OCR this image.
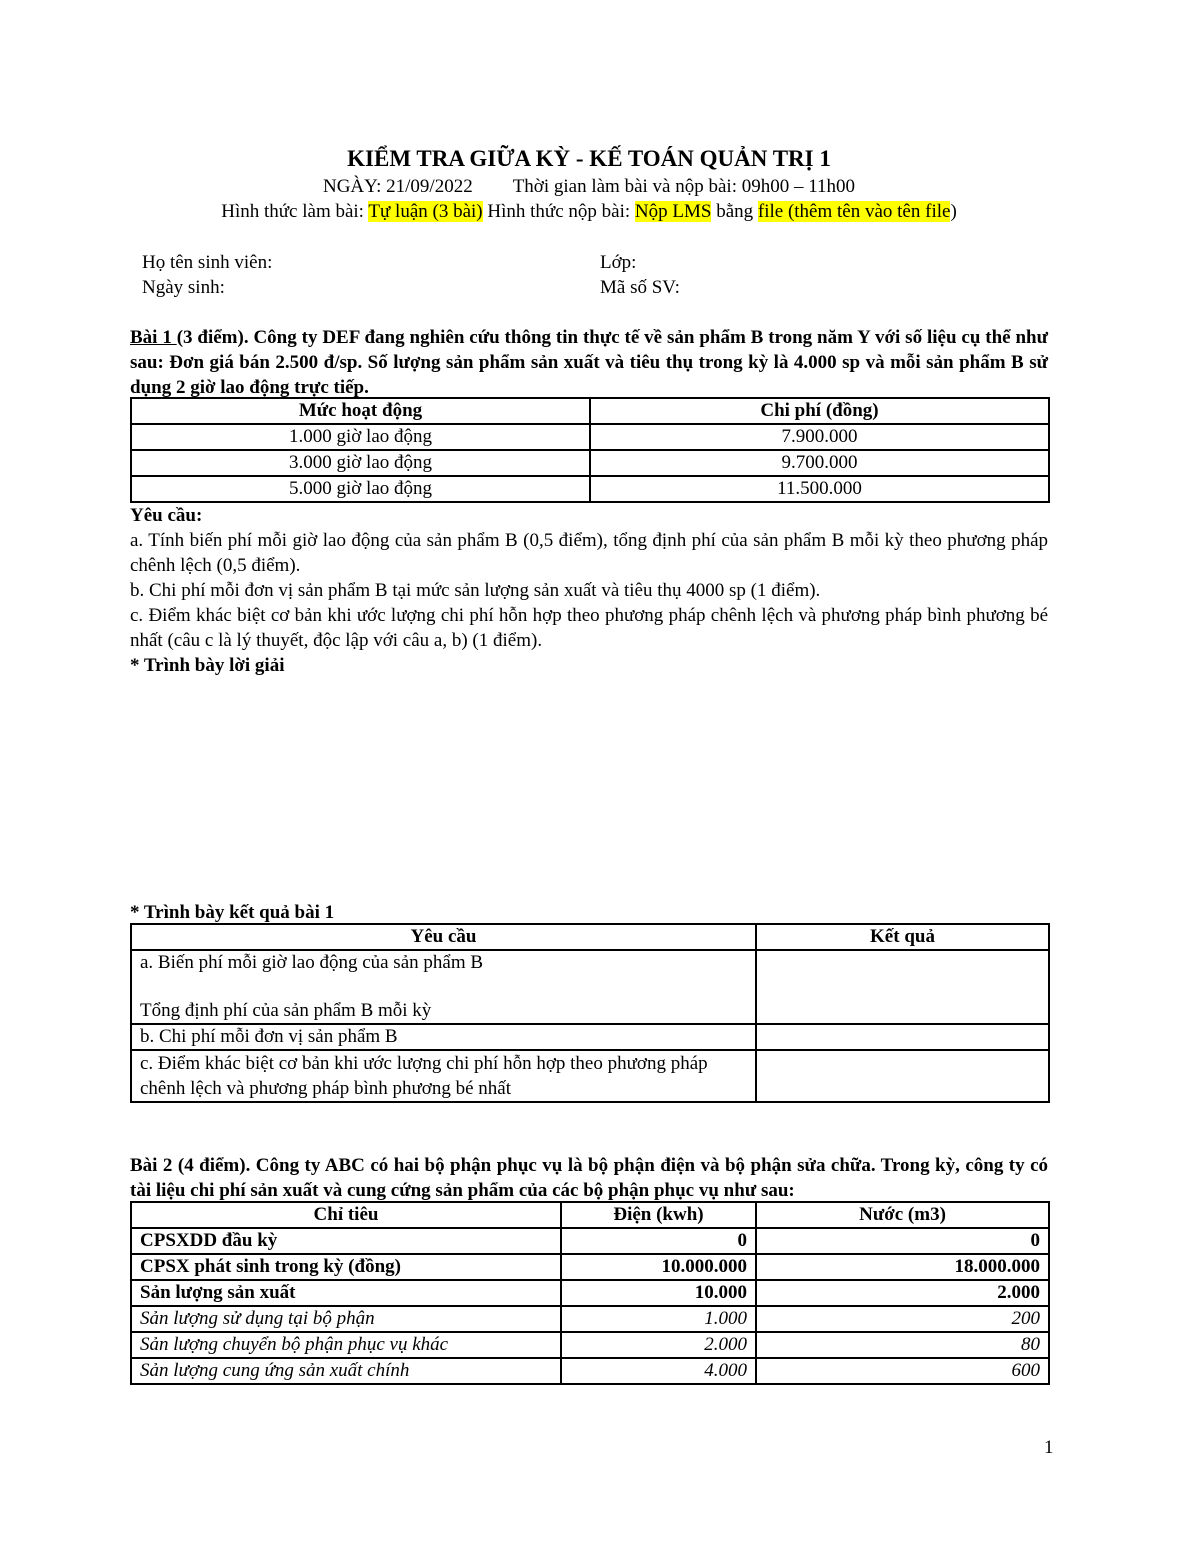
KIỂM TRA GIỮA KỲ - KẾ TOÁN QUẢN TRỊ 1
NGÀY: 21/09/2022 Thời gian làm bài và nộp bài: 09h00 – 11h00
Hình thức làm bài: Tự luận (3 bài) Hình thức nộp bài: Nộp LMS bằng file (thêm tên vào tên file)
Họ tên sinh viên:	Lớp:
Ngày sinh:	Mã số SV:
Bài 1 (3 điểm). Công ty DEF đang nghiên cứu thông tin thực tế về sản phẩm B trong năm Y với số liệu cụ thể như sau: Đơn giá bán 2.500 đ/sp. Số lượng sản phẩm sản xuất và tiêu thụ trong kỳ là 4.000 sp và mỗi sản phẩm B sử dụng 2 giờ lao động trực tiếp.
Mức hoạt động	Chi phí (đồng)
1.000 giờ lao động	7.900.000
3.000 giờ lao động	9.700.000
5.000 giờ lao động	11.500.000
Yêu cầu:
a. Tính biến phí mỗi giờ lao động của sản phẩm B (0,5 điểm), tổng định phí của sản phẩm B mỗi kỳ theo phương pháp chênh lệch (0,5 điểm).
b. Chi phí mỗi đơn vị sản phẩm B tại mức sản lượng sản xuất và tiêu thụ 4000 sp (1 điểm).
c. Điểm khác biệt cơ bản khi ước lượng chi phí hỗn hợp theo phương pháp chênh lệch và phương pháp bình phương bé nhất (câu c là lý thuyết, độc lập với câu a, b) (1 điểm).
* Trình bày lời giải
* Trình bày kết quả bài 1
Yêu cầu	Kết quả

a. Biến phí mỗi giờ lao động của sản phẩm B
Tổng định phí của sản phẩm B mỗi kỳ	

b. Chi phí mỗi đơn vị sản phẩm B	
c. Điểm khác biệt cơ bản khi ước lượng chi phí hỗn hợp theo phương pháp chênh lệch và phương pháp bình phương bé nhất	
Bài 2 (4 điểm). Công ty ABC có hai bộ phận phục vụ là bộ phận điện và bộ phận sửa chữa. Trong kỳ, công ty có tài liệu chi phí sản xuất và cung cứng sản phẩm của các bộ phận phục vụ như sau:
Chỉ tiêu	Điện (kwh)	Nước (m3)
CPSXDD đầu kỳ	0	0
CPSX phát sinh trong kỳ (đồng)	10.000.000	18.000.000
Sản lượng sản xuất	10.000	2.000
Sản lượng sử dụng tại bộ phận	1.000	200
Sản lượng chuyển bộ phận phục vụ khác	2.000	80
Sản lượng cung ứng sản xuất chính	4.000	600
1
